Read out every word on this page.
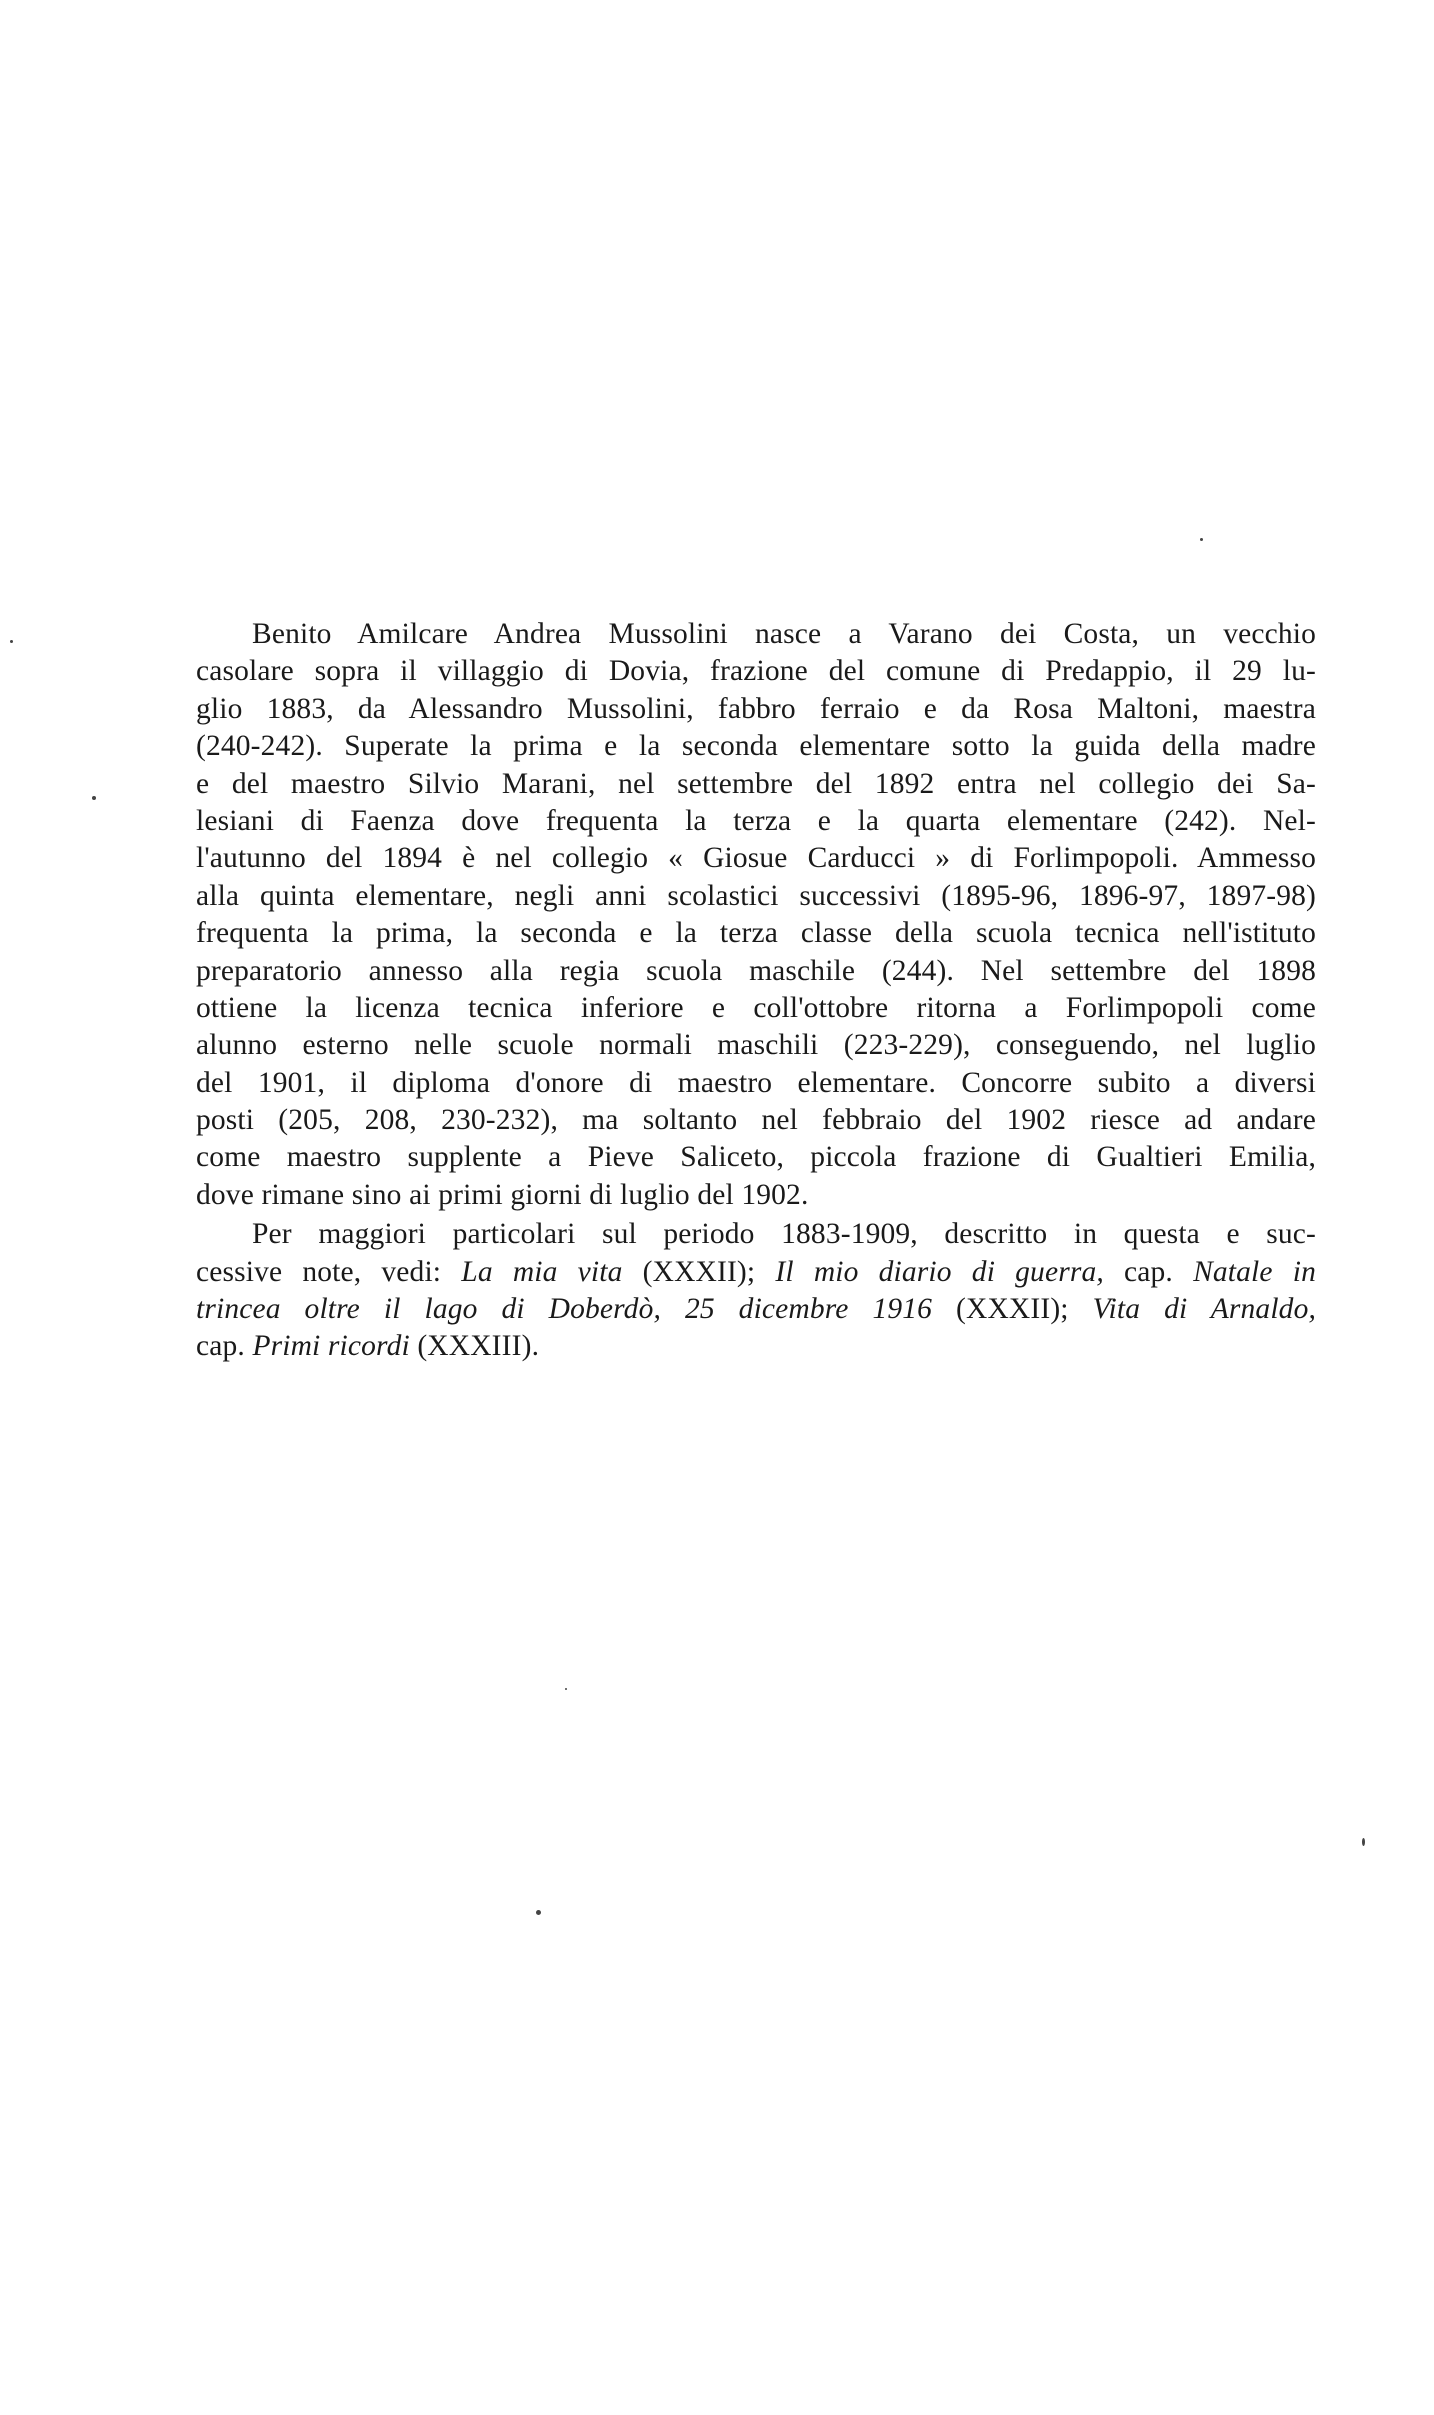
Benito Amilcare Andrea Mussolini nasce a Varano dei Costa, un vecchio
casolare sopra il villaggio di Dovia, frazione del comune di Predappio, il 29 lu-
glio 1883, da Alessandro Mussolini, fabbro ferraio e da Rosa Maltoni, maestra
(240-242). Superate la prima e la seconda elementare sotto la guida della madre
e del maestro Silvio Marani, nel settembre del 1892 entra nel collegio dei Sa-
lesiani di Faenza dove frequenta la terza e la quarta elementare (242). Nel-
l'autunno del 1894 è nel collegio « Giosue Carducci » di Forlimpopoli. Ammesso
alla quinta elementare, negli anni scolastici successivi (1895-96, 1896-97, 1897-98)
frequenta la prima, la seconda e la terza classe della scuola tecnica nell'istituto
preparatorio annesso alla regia scuola maschile (244). Nel settembre del 1898
ottiene la licenza tecnica inferiore e coll'ottobre ritorna a Forlimpopoli come
alunno esterno nelle scuole normali maschili (223-229), conseguendo, nel luglio
del 1901, il diploma d'onore di maestro elementare. Concorre subito a diversi
posti (205, 208, 230-232), ma soltanto nel febbraio del 1902 riesce ad andare
come maestro supplente a Pieve Saliceto, piccola frazione di Gualtieri Emilia,
dove rimane sino ai primi giorni di luglio del 1902.
Per maggiori particolari sul periodo 1883-1909, descritto in questa e suc-
cessive note, vedi: La mia vita (XXXII); Il mio diario di guerra, cap. Natale in
trincea oltre il lago di Doberdò, 25 dicembre 1916 (XXXII); Vita di Arnaldo,
cap. Primi ricordi (XXXIII).
